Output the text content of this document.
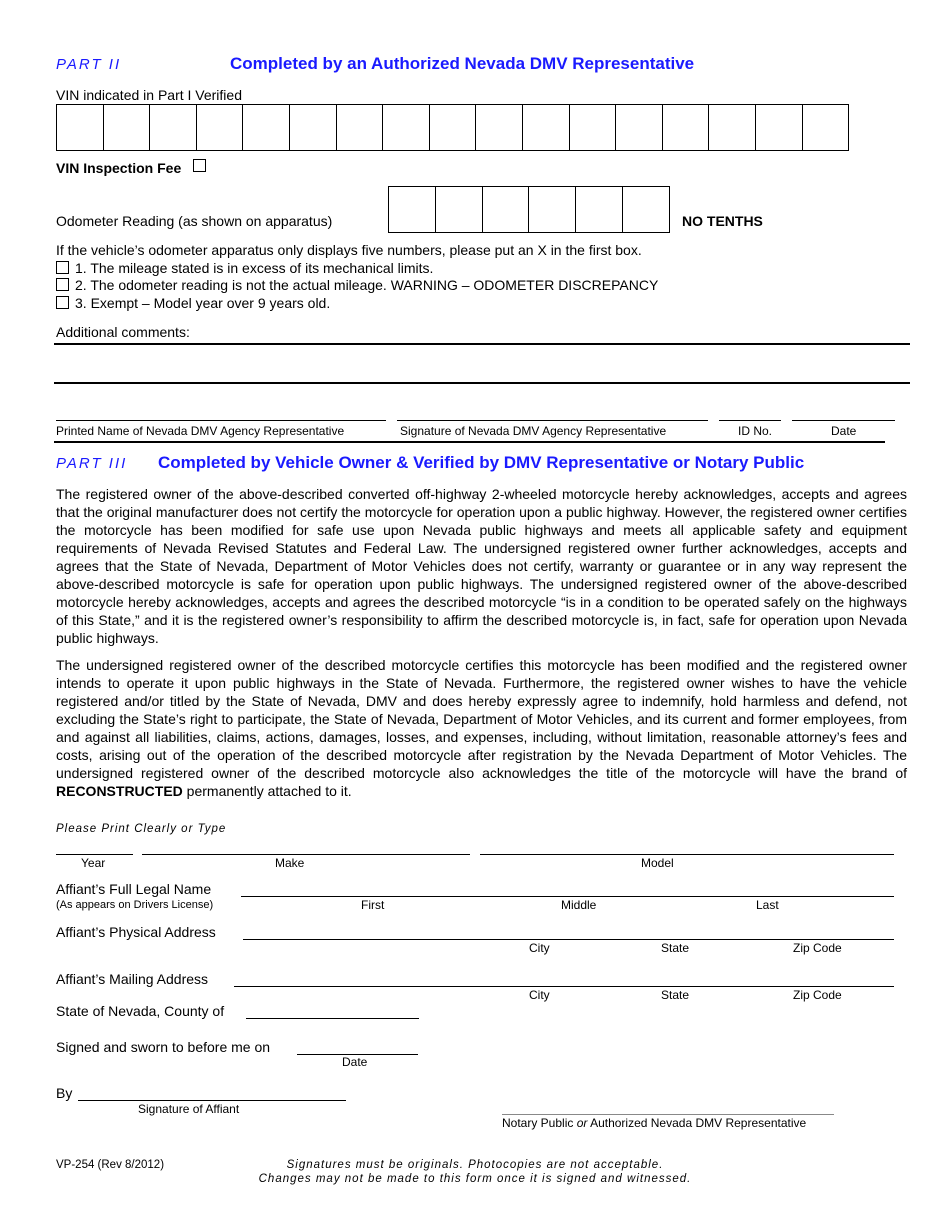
PART II	Completed by an Authorized Nevada DMV Representative
VIN indicated in Part I Verified
VIN Inspection Fee
Odometer Reading (as shown on apparatus)	NO TENTHS
If the vehicle’s odometer apparatus only displays five numbers, please put an X in the first box.
1. The mileage stated is in excess of its mechanical limits.
2. The odometer reading is not the actual mileage. WARNING – ODOMETER DISCREPANCY
3. Exempt – Model year over 9 years old.
Additional comments:
Printed Name of Nevada DMV Agency Representative	Signature of Nevada DMV Agency Representative	ID No.	Date
PART III Completed by Vehicle Owner & Verified by DMV Representative or Notary Public

The registered owner of the above-described converted off-highway 2-wheeled motorcycle hereby acknowledges, accepts and agrees that the original manufacturer does not certify the motorcycle for operation upon a public highway. However, the registered owner certifies the motorcycle has been modified for safe use upon Nevada public highways and meets all applicable safety and equipment requirements of Nevada Revised Statutes and Federal Law. The undersigned registered owner further acknowledges, accepts and agrees that the State of Nevada, Department of Motor Vehicles does not certify, warranty or guarantee or in any way represent the above-described motorcycle is safe for operation upon public highways. The undersigned registered owner of the above-described motorcycle hereby acknowledges, accepts and agrees the described motorcycle “is in a condition to be operated safely on the highways of this State,” and it is the registered owner’s responsibility to affirm the described motorcycle is, in fact, safe for operation upon Nevada public highways.

The undersigned registered owner of the described motorcycle certifies this motorcycle has been modified and the registered owner intends to operate it upon public highways in the State of Nevada. Furthermore, the registered owner wishes to have the vehicle registered and/or titled by the State of Nevada, DMV and does hereby expressly agree to indemnify, hold harmless and defend, not excluding the State’s right to participate, the State of Nevada, Department of Motor Vehicles, and its current and former employees, from and against all liabilities, claims, actions, damages, losses, and expenses, including, without limitation, reasonable attorney’s fees and costs, arising out of the operation of the described motorcycle after registration by the Nevada Department of Motor Vehicles. The undersigned registered owner of the described motorcycle also acknowledges the title of the motorcycle will have the brand of RECONSTRUCTED permanently attached to it.

Please Print Clearly or Type
Year	Make	Model
Affiant’s Full Legal Name
(As appears on Drivers License)	First	Middle	Last
Affiant’s Physical Address
City	State	Zip Code
Affiant’s Mailing Address
City	State	Zip Code
State of Nevada, County of
Signed and sworn to before me on
Date
By
Signature of Affiant
Notary Public or Authorized Nevada DMV Representative
VP-254 (Rev 8/2012)	Signatures must be originals. Photocopies are not acceptable.
Changes may not be made to this form once it is signed and witnessed.
